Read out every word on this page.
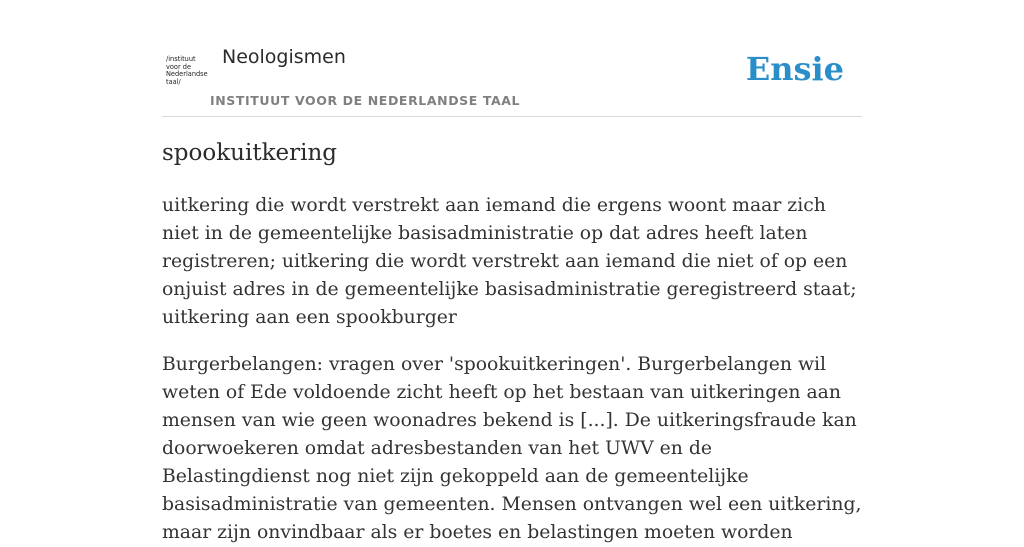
/instituut
voor de
Nederlandse
taal/
Neologismen
INSTITUUT VOOR DE NEDERLANDSE TAAL
Ensie
spookuitkering

uitkering die wordt verstrekt aan iemand die ergens woont maar zich niet in de gemeentelijke basisadministratie op dat adres heeft laten registreren; uitkering die wordt verstrekt aan iemand die niet of op een onjuist adres in de gemeentelijke basisadministratie geregistreerd staat; uitkering aan een spookburger

Burgerbelangen: vragen over 'spookuitkeringen'. Burgerbelangen wil weten of Ede voldoende zicht heeft op het bestaan van uitkeringen aan mensen van wie geen woonadres bekend is [...]. De uitkeringsfraude kan doorwoekeren omdat adresbestanden van het UWV en de Belastingdienst nog niet zijn gekoppeld aan de gemeentelijke basisadministratie van gemeenten. Mensen ontvangen wel een uitkering, maar zijn onvindbaar als er boetes en belastingen moeten worden
